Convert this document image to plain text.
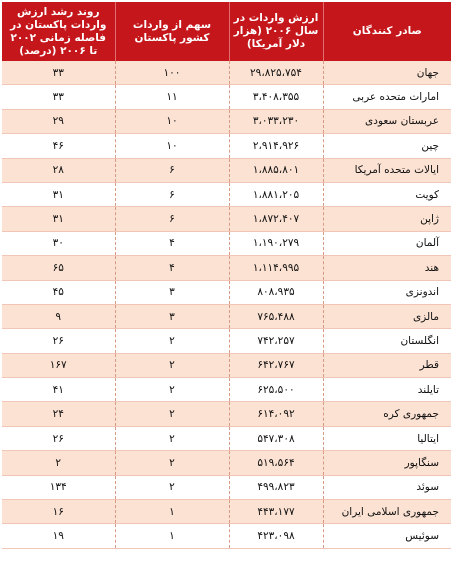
صادر کنندگان	ارزش واردات در سال ۲۰۰۶ (هزار دلار آمریکا)	سهم از واردات کشور پاکستان	روند رشد ارزش واردات پاکستان در فاصله زمانی ۲۰۰۲ تا ۲۰۰۶ (درصد)
جهان	۲۹،۸۲۵،۷۵۴	۱۰۰	۳۳
امارات متحده عربی	۳،۴۰۸،۳۵۵	۱۱	۳۳
عربستان سعودی	۳،۰۳۳،۲۳۰	۱۰	۲۹
چین	۲،۹۱۴،۹۲۶	۱۰	۴۶
ایالات متحده آمریکا	۱،۸۸۵،۸۰۱	۶	۲۸
کویت	۱،۸۸۱،۲۰۵	۶	۳۱
ژاپن	۱،۸۷۲،۴۰۷	۶	۳۱
آلمان	۱،۱۹۰،۲۷۹	۴	۳۰
هند	۱،۱۱۴،۹۹۵	۴	۶۵
اندونزی	۸۰۸،۹۳۵	۳	۴۵
مالزی	۷۶۵،۴۸۸	۳	۹
انگلستان	۷۴۲،۲۵۷	۲	۲۶
قطر	۶۴۲،۷۶۷	۲	۱۶۷
تایلند	۶۲۵،۵۰۰	۲	۴۱
جمهوری کره	۶۱۴،۰۹۲	۲	۲۴
ایتالیا	۵۴۷،۳۰۸	۲	۲۶
سنگاپور	۵۱۹،۵۶۴	۲	۲
سوئد	۴۹۹،۸۲۳	۲	۱۳۴
جمهوری اسلامی ایران	۴۴۳،۱۷۷	۱	۱۶
سوئیس	۴۲۳،۰۹۸	۱	۱۹
